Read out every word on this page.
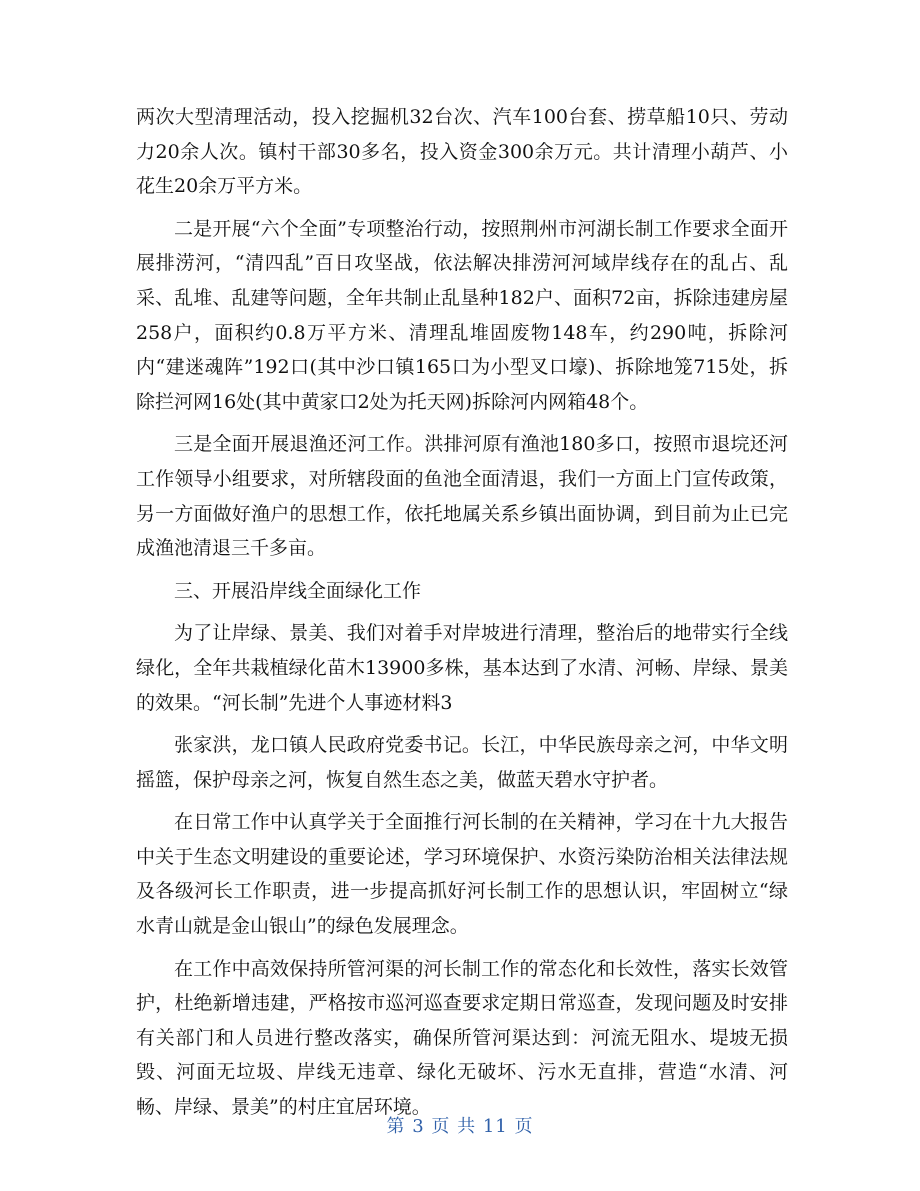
两次大型清理活动，投入挖掘机32台次、汽车100台套、捞草船10只、劳动力20余人次。镇村干部30多名，投入资金300余万元。共计清理小葫芦、小花生20余万平方米。

二是开展“六个全面”专项整治行动，按照荆州市河湖长制工作要求全面开展排涝河，“清四乱”百日攻坚战，依法解决排涝河河域岸线存在的乱占、乱采、乱堆、乱建等问题，全年共制止乱垦种182户、面积72亩，拆除违建房屋258户，面积约0.8万平方米、清理乱堆固废物148车，约290吨，拆除河内“建迷魂阵”192口(其中沙口镇165口为小型叉口壕)、拆除地笼715处，拆除拦河网16处(其中黄家口2处为托天网)拆除河内网箱48个。

三是全面开展退渔还河工作。洪排河原有渔池180多口，按照市退垸还河工作领导小组要求，对所辖段面的鱼池全面清退，我们一方面上门宣传政策，另一方面做好渔户的思想工作，依托地属关系乡镇出面协调，到目前为止已完成渔池清退三千多亩。

三、开展沿岸线全面绿化工作

为了让岸绿、景美、我们对着手对岸坡进行清理，整治后的地带实行全线绿化，全年共栽植绿化苗木13900多株，基本达到了水清、河畅、岸绿、景美的效果。“河长制”先进个人事迹材料3

张家洪，龙口镇人民政府党委书记。长江，中华民族母亲之河，中华文明摇篮，保护母亲之河，恢复自然生态之美，做蓝天碧水守护者。

在日常工作中认真学关于全面推行河长制的在关精神，学习在十九大报告中关于生态文明建设的重要论述，学习环境保护、水资污染防治相关法律法规及各级河长工作职责，进一步提高抓好河长制工作的思想认识，牢固树立“绿水青山就是金山银山”的绿色发展理念。

在工作中高效保持所管河渠的河长制工作的常态化和长效性，落实长效管护，杜绝新增违建，严格按市巡河巡查要求定期日常巡查，发现问题及时安排有关部门和人员进行整改落实，确保所管河渠达到：河流无阻水、堤坡无损毁、河面无垃圾、岸线无违章、绿化无破坏、污水无直排，营造“水清、河畅、岸绿、景美”的村庄宜居环境。

第 3 页 共 11 页
